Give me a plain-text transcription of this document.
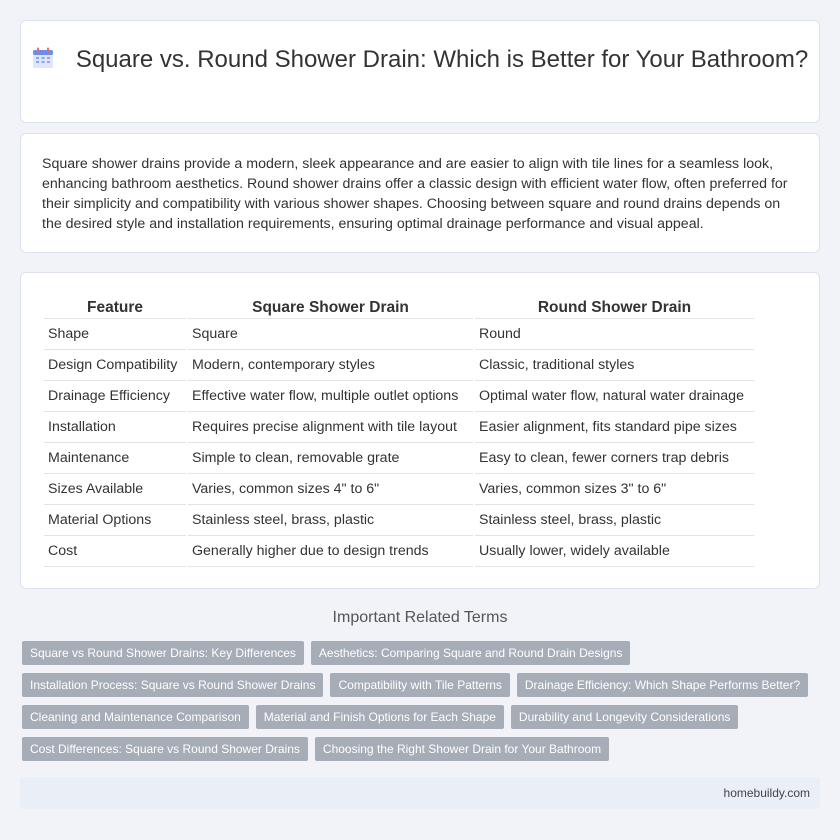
Square vs. Round Shower Drain: Which is Better for Your Bathroom?

Square shower drains provide a modern, sleek appearance and are easier to align with tile lines for a seamless look, enhancing bathroom aesthetics. Round shower drains offer a classic design with efficient water flow, often preferred for their simplicity and compatibility with various shower shapes. Choosing between square and round drains depends on the desired style and installation requirements, ensuring optimal drainage performance and visual appeal.

Feature	Square Shower Drain	Round Shower Drain
Shape	Square	Round
Design Compatibility	Modern, contemporary styles	Classic, traditional styles
Drainage Efficiency	Effective water flow, multiple outlet options	Optimal water flow, natural water drainage
Installation	Requires precise alignment with tile layout	Easier alignment, fits standard pipe sizes
Maintenance	Simple to clean, removable grate	Easy to clean, fewer corners trap debris
Sizes Available	Varies, common sizes 4" to 6"	Varies, common sizes 3" to 6"
Material Options	Stainless steel, brass, plastic	Stainless steel, brass, plastic
Cost	Generally higher due to design trends	Usually lower, widely available
Important Related Terms
Square vs Round Shower Drains: Key Differences	Aesthetics: Comparing Square and Round Drain Designs
Installation Process: Square vs Round Shower Drains	Compatibility with Tile Patterns	Drainage Efficiency: Which Shape Performs Better?
Cleaning and Maintenance Comparison	Material and Finish Options for Each Shape	Durability and Longevity Considerations
Cost Differences: Square vs Round Shower Drains	Choosing the Right Shower Drain for Your Bathroom
homebuildy.com
